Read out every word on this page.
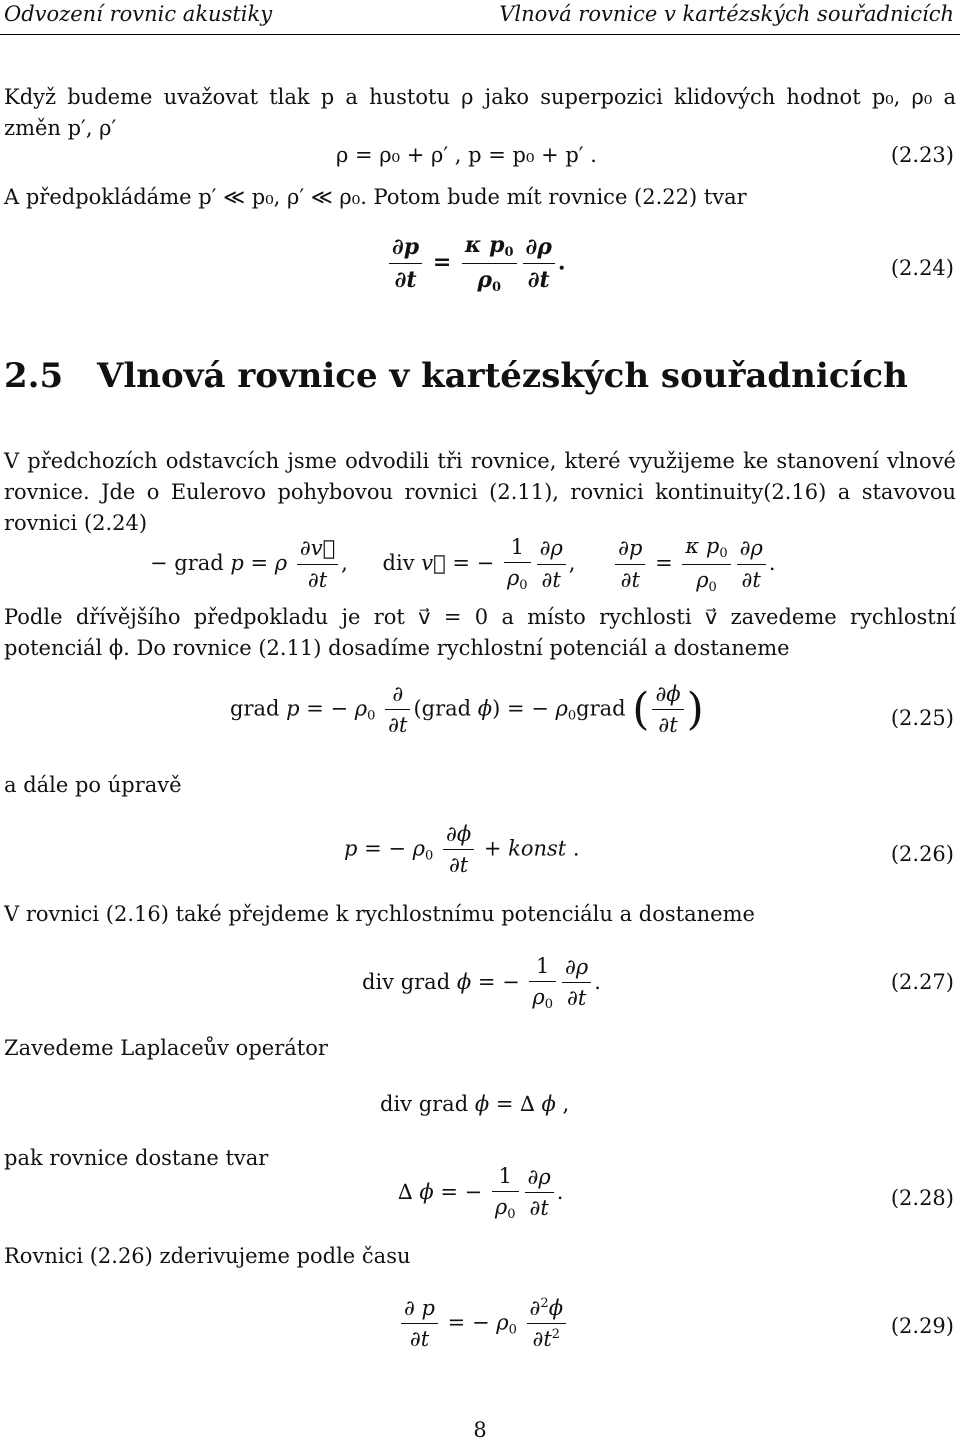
Odvození rovnic akustiky	Vlnová rovnice v kartézských souřadnicích
Když budeme uvažovat tlak p a hustotu ρ jako superpozici klidových hodnot p₀, ρ₀ a změn p′, ρ′
ρ = ρ₀ + ρ′ , p = p₀ + p′ .	(2.23)
A předpokládáme p′ ≪ p₀, ρ′ ≪ ρ₀. Potom bude mít rovnice (2.22) tvar
$\frac{\partial p}{\partial t} = \frac{\kappa p_0}{\rho_0} \frac{\partial\rho}{\partial t}$ .	(2.24)
2.5 Vlnová rovnice v kartézských souřadnicích
V předchozích odstavcích jsme odvodili tři rovnice, které využijeme ke stanovení vlnové rovnice. Jde o Eulerovo pohybovou rovnici (2.11), rovnici kontinuity(2.16) a stavovou rovnici (2.24)
− grad p = ρ $\frac{\partial v⃗}{\partial t}$ , div v⃗ = − $\frac{1}{\rho_0} \frac{\partial\rho}{\partial t}$ , $\frac{\partial p}{\partial t} = \frac{\kappa p_0}{\rho_0} \frac{\partial\rho}{\partial t}$ .
Podle dřívějšího předpokladu je rot v⃗ = 0 a místo rychlosti v⃗ zavedeme rychlostní potenciál ϕ. Do rovnice (2.11) dosadíme rychlostní potenciál a dostaneme
grad p = − $\rho_0 \frac{\partial}{\partial t}$ (grad ϕ) = − $\rho_0grad$ ( $\frac{\partial\phi}{\partial t}$ )	(2.25)
a dále po úpravě
p = − $\rho_0 \frac{\partial\phi}{\partial t}$ + konst .	(2.26)
V rovnici (2.16) také přejdeme k rychlostnímu potenciálu a dostaneme
div grad ϕ = − $\frac{1}{\rho_0} \frac{\partial\rho}{\partial t}$ .	(2.27)
Zavedeme Laplaceův operátor
div grad ϕ = ∆ ϕ ,
pak rovnice dostane tvar
∆ ϕ = − $\frac{1}{\rho_0} \frac{\partial\rho}{\partial t}$ .	(2.28)
Rovnici (2.26) zderivujeme podle času
$\frac{\partial p}{\partial t}$ = − $\rho_0 \frac{\partial^2\phi}{\partial t^2}$	(2.29)
8
